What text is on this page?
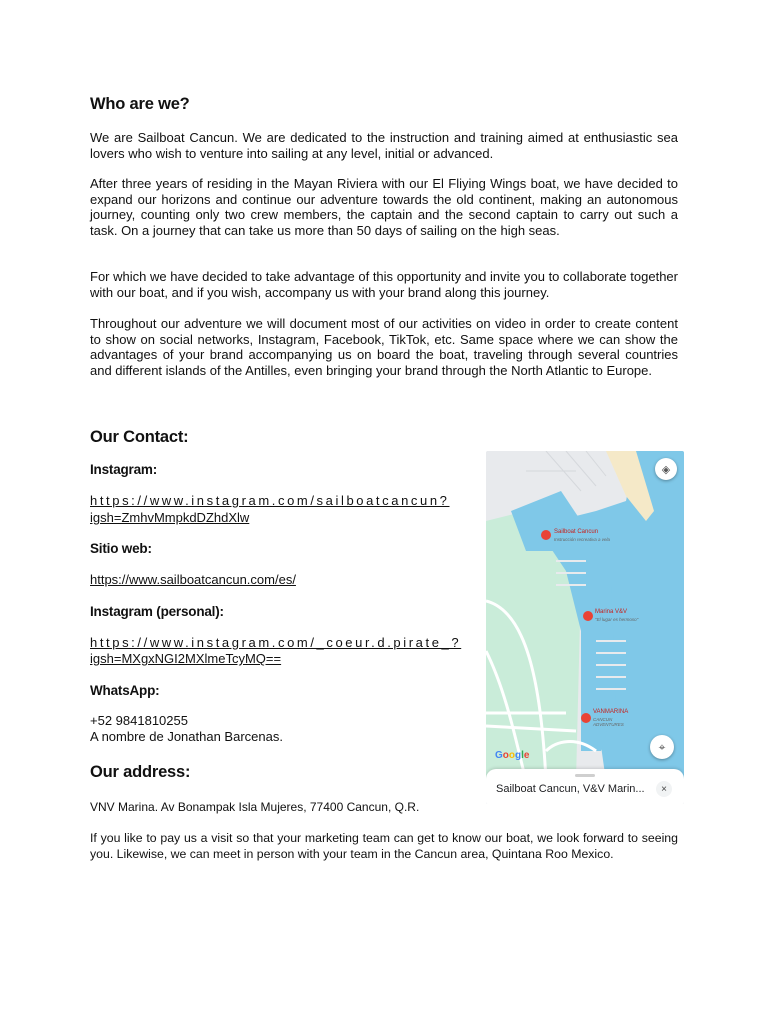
Who are we?

We are Sailboat Cancun. We are dedicated to the instruction and training aimed at enthusiastic sea lovers who wish to venture into sailing at any level, initial or advanced.

After three years of residing in the Mayan Riviera with our El Fliying Wings boat, we have decided to expand our horizons and continue our adventure towards the old continent, making an autonomous journey, counting only two crew members, the captain and the second captain to carry out such a task. On a journey that can take us more than 50 days of sailing on the high seas.

For which we have decided to take advantage of this opportunity and invite you to collaborate together with our boat, and if you wish, accompany us with your brand along this journey.

Throughout our adventure we will document most of our activities on video in order to create content to show on social networks, Instagram, Facebook, TikTok, etc. Same space where we can show the advantages of your brand accompanying us on board the boat, traveling through several countries and different islands of the Antilles, even bringing your brand through the North Atlantic to Europe.

Our Contact:
Instagram:
https://www.instagram.com/sailboatcancun?
igsh=ZmhvMmpkdDZhdXlw
Sitio web:
https://www.sailboatcancun.com/es/
Instagram (personal):
https://www.instagram.com/_coeur.d.pirate_?
igsh=MXgxNGI2MXlmeTcyMQ==
WhatsApp:
+52 9841810255
A nombre de Jonathan Barcenas.
Our address:
VNV Marina. Av Bonampak Isla Mujeres, 77400 Cancun, Q.R.

If you like to pay us a visit so that your marketing team can get to know our boat, we look forward to seeing you. Likewise, we can meet in person with your team in the Cancun area, Quintana Roo Mexico.

◈
⌖
Sailboat Cancun
Instrucción recreativa a vela
Marina V&V
"El lugar es hermoso"
VANMARINA
CANCUN ADVENTURES
Google
Sailboat Cancun, V&V Marin...	×
